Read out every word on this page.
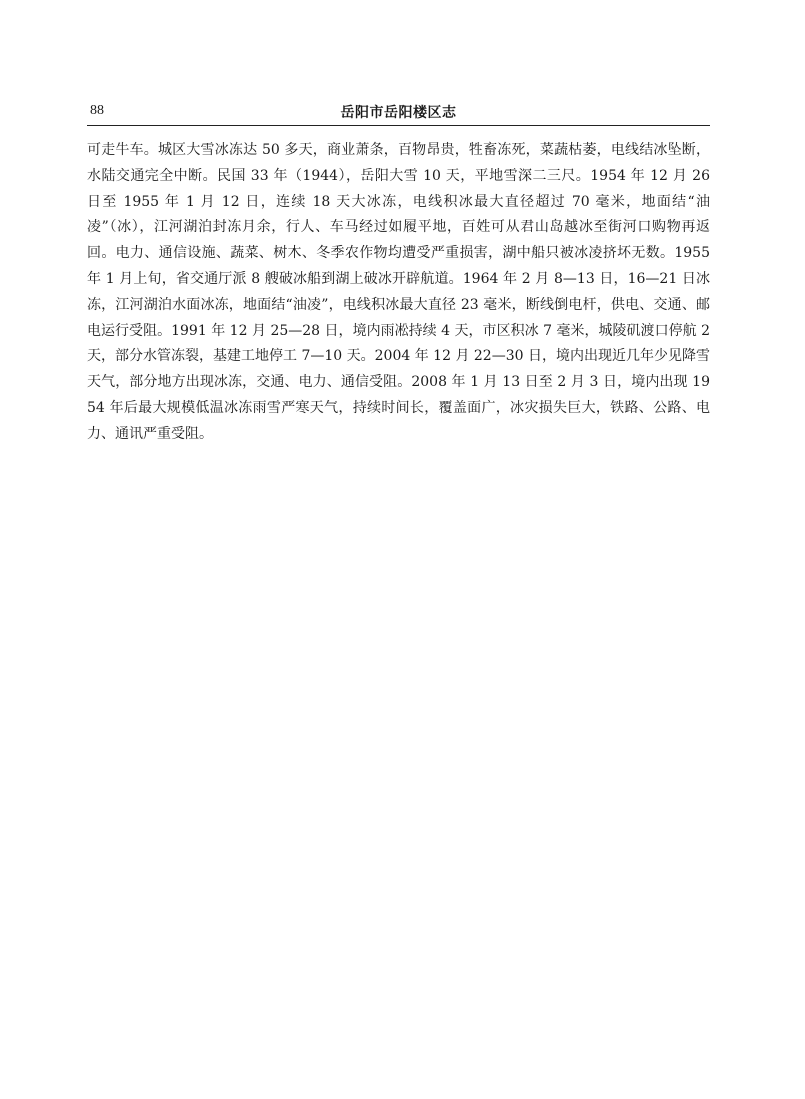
88	岳阳市岳阳楼区志

可走牛车。城区大雪冰冻达 50 多天，商业萧条，百物昂贵，牲畜冻死，菜蔬枯萎，电线结冰坠断，水陆交通完全中断。民国 33 年（1944），岳阳大雪 10 天，平地雪深二三尺。1954 年 12 月 26 日至 1955 年 1 月 12 日，连续 18 天大冰冻，电线积冰最大直径超过 70 毫米，地面结“油凌”（冰），江河湖泊封冻月余，行人、车马经过如履平地，百姓可从君山岛越冰至街河口购物再返回。电力、通信设施、蔬菜、树木、冬季农作物均遭受严重损害，湖中船只被冰凌挤坏无数。1955 年 1 月上旬，省交通厅派 8 艘破冰船到湖上破冰开辟航道。1964 年 2 月 8—13 日，16—21 日冰冻，江河湖泊水面冰冻，地面结“油凌”，电线积冰最大直径 23 毫米，断线倒电杆，供电、交通、邮电运行受阻。1991 年 12 月 25—28 日，境内雨凇持续 4 天，市区积冰 7 毫米，城陵矶渡口停航 2 天，部分水管冻裂，基建工地停工 7—10 天。2004 年 12 月 22—30 日，境内出现近几年少见降雪天气，部分地方出现冰冻，交通、电力、通信受阻。2008 年 1 月 13 日至 2 月 3 日，境内出现 1954 年后最大规模低温冰冻雨雪严寒天气，持续时间长，覆盖面广，冰灾损失巨大，铁路、公路、电力、通讯严重受阻。
